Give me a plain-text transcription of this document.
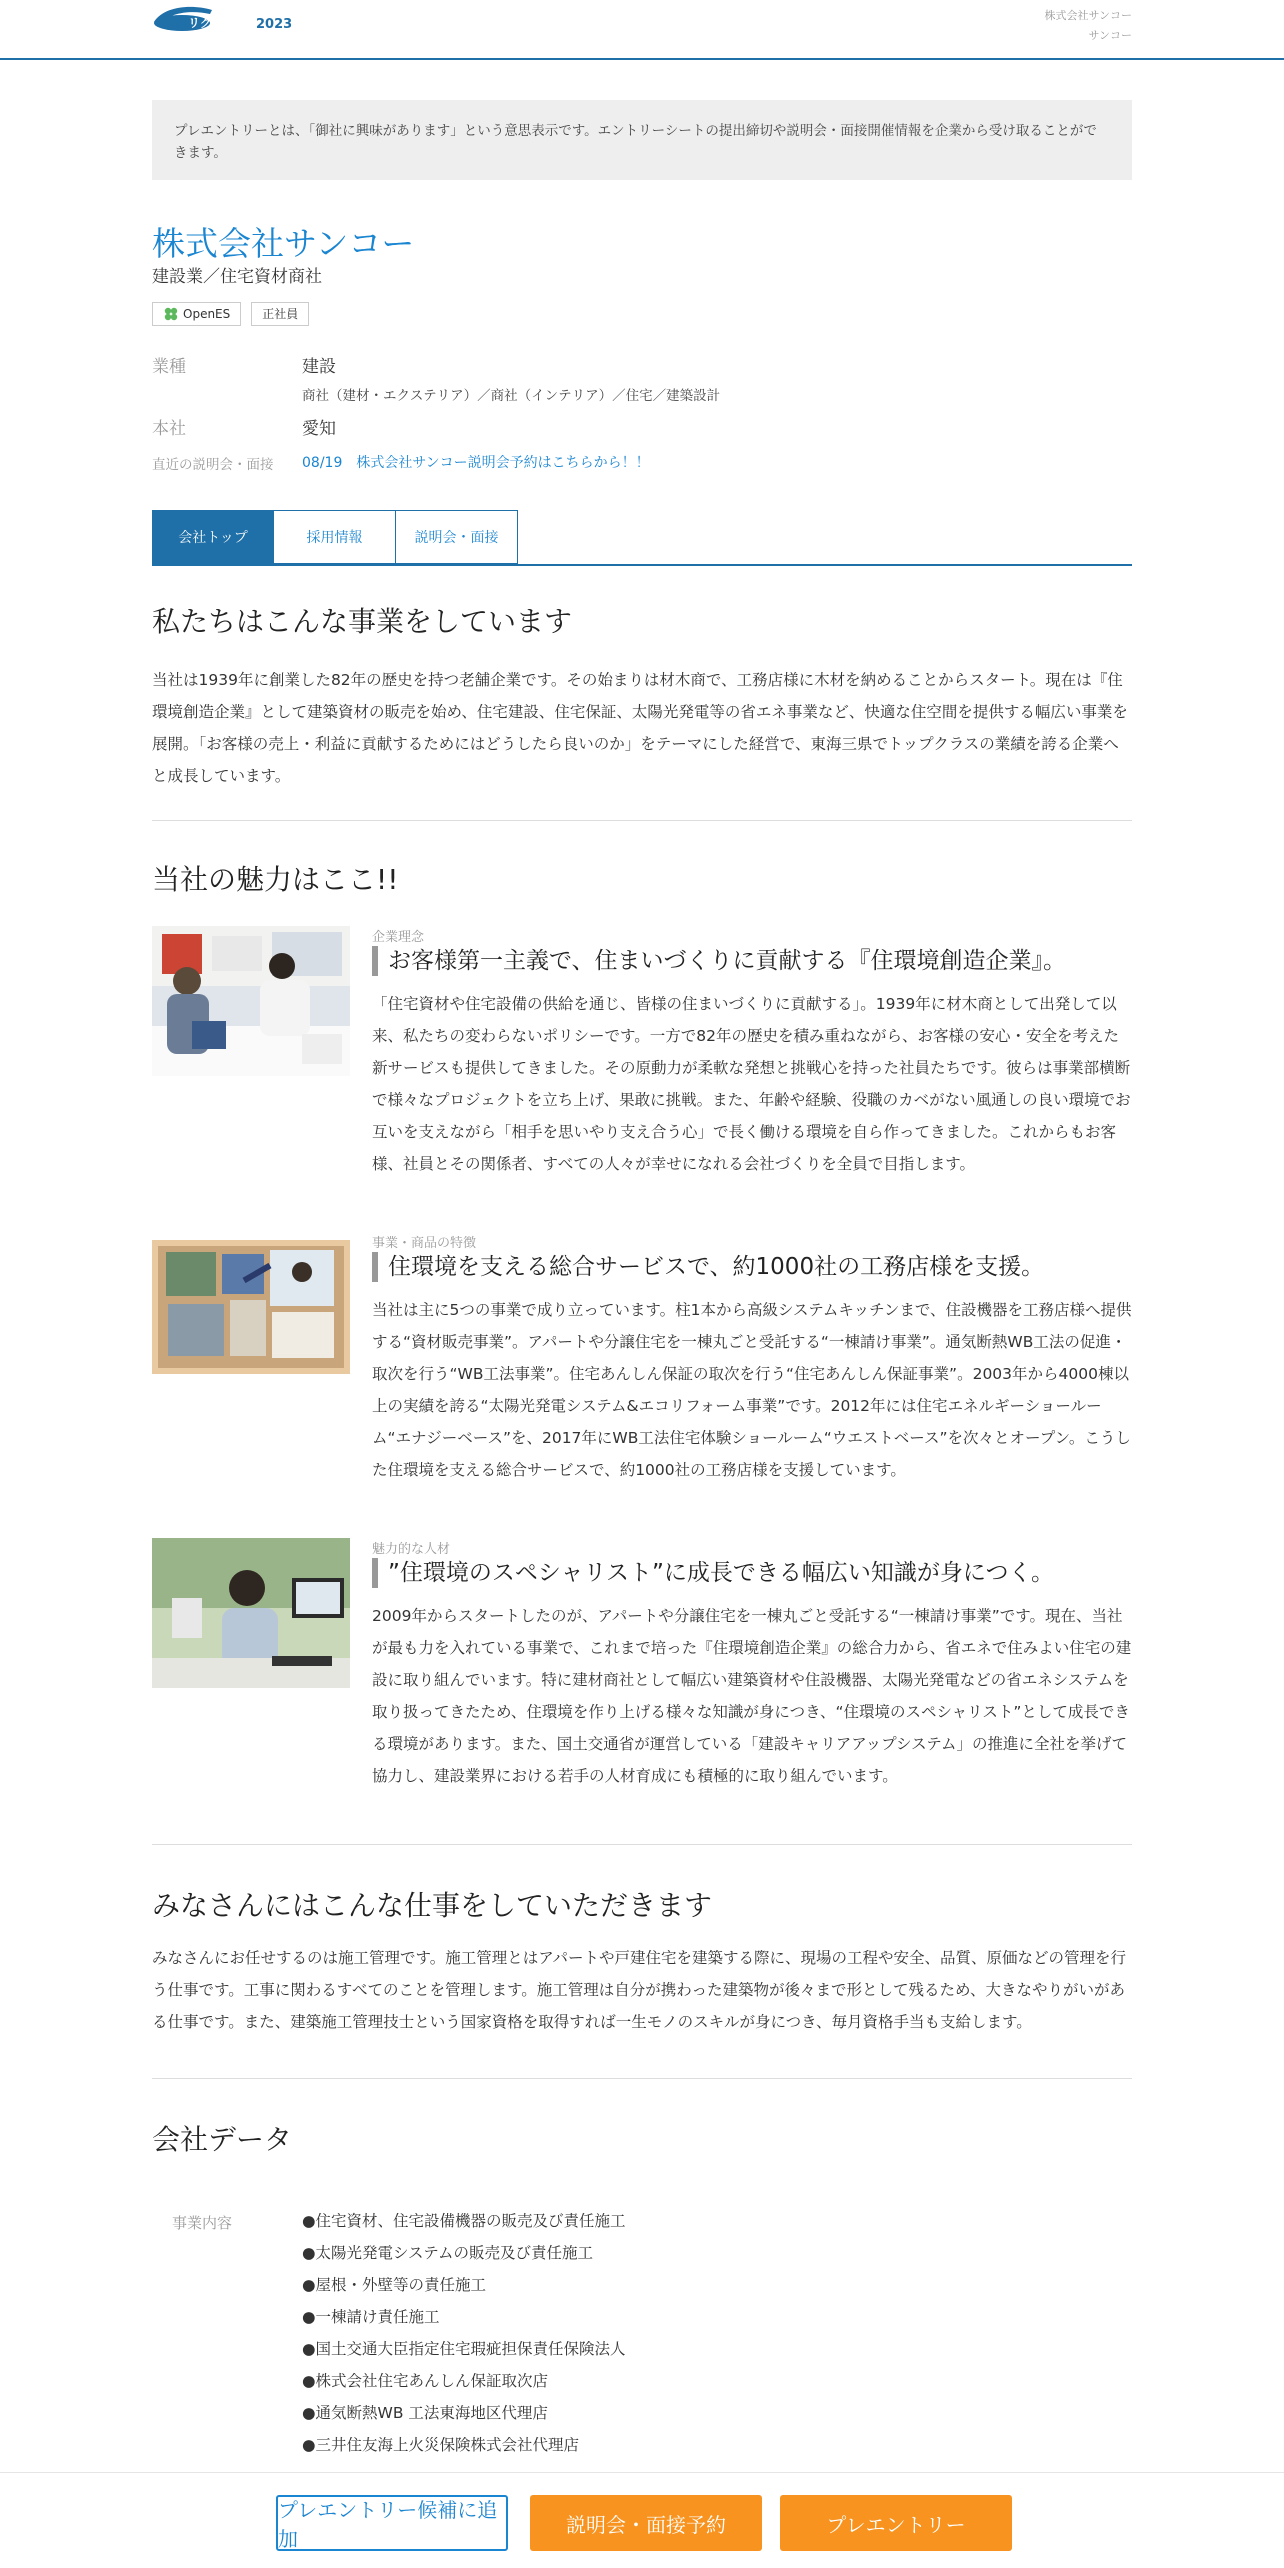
リクナビ 2023
株式会社サンコー
サンコー
プレエントリーとは、「御社に興味があります」という意思表示です。エントリーシートの提出締切や説明会・面接開催情報を企業から受け取ることができます。
株式会社サンコー
建設業／住宅資材商社
OpenES	正社員
業種	建設
商社（建材・エクステリア）／商社（インテリア）／住宅／建築設計
本社	愛知
直近の説明会・面接 08/19　株式会社サンコー説明会予約はこちらから！！
会社トップ	採用情報	説明会・面接
私たちはこんな事業をしています

当社は1939年に創業した82年の歴史を持つ老舗企業です。その始まりは材木商で、工務店様に木材を納めることからスタート。現在は『住環境創造企業』として建築資材の販売を始め、住宅建設、住宅保証、太陽光発電等の省エネ事業など、快適な住空間を提供する幅広い事業を展開。「お客様の売上・利益に貢献するためにはどうしたら良いのか」をテーマにした経営で、東海三県でトップクラスの業績を誇る企業へと成長しています。

当社の魅力はここ!!
企業理念
お客様第一主義で、住まいづくりに貢献する『住環境創造企業』。

「住宅資材や住宅設備の供給を通じ、皆様の住まいづくりに貢献する」。1939年に材木商として出発して以来、私たちの変わらないポリシーです。一方で82年の歴史を積み重ねながら、お客様の安心・安全を考えた新サービスも提供してきました。その原動力が柔軟な発想と挑戦心を持った社員たちです。彼らは事業部横断で様々なプロジェクトを立ち上げ、果敢に挑戦。また、年齢や経験、役職のカベがない風通しの良い環境でお互いを支えながら「相手を思いやり支え合う心」で長く働ける環境を自ら作ってきました。これからもお客様、社員とその関係者、すべての人々が幸せになれる会社づくりを全員で目指します。

事業・商品の特徴
住環境を支える総合サービスで、約1000社の工務店様を支援。

当社は主に5つの事業で成り立っています。柱1本から高級システムキッチンまで、住設機器を工務店様へ提供する“資材販売事業”。アパートや分譲住宅を一棟丸ごと受託する“一棟請け事業”。通気断熱WB工法の促進・取次を行う“WB工法事業”。住宅あんしん保証の取次を行う“住宅あんしん保証事業”。2003年から4000棟以上の実績を誇る“太陽光発電システム&エコリフォーム事業”です。2012年には住宅エネルギーショールーム“エナジーベース”を、2017年にWB工法住宅体験ショールーム“ウエストベース”を次々とオープン。こうした住環境を支える総合サービスで、約1000社の工務店様を支援しています。

魅力的な人材
”住環境のスペシャリスト”に成長できる幅広い知識が身につく。

2009年からスタートしたのが、アパートや分譲住宅を一棟丸ごと受託する“一棟請け事業”です。現在、当社が最も力を入れている事業で、これまで培った『住環境創造企業』の総合力から、省エネで住みよい住宅の建設に取り組んでいます。特に建材商社として幅広い建築資材や住設機器、太陽光発電などの省エネシステムを取り扱ってきたため、住環境を作り上げる様々な知識が身につき、“住環境のスペシャリスト”として成長できる環境があります。また、国土交通省が運営している「建設キャリアアップシステム」の推進に全社を挙げて協力し、建設業界における若手の人材育成にも積極的に取り組んでいます。

みなさんにはこんな仕事をしていただきます

みなさんにお任せするのは施工管理です。施工管理とはアパートや戸建住宅を建築する際に、現場の工程や安全、品質、原価などの管理を行う仕事です。工事に関わるすべてのことを管理します。施工管理は自分が携わった建築物が後々まで形として残るため、大きなやりがいがある仕事です。また、建築施工管理技士という国家資格を取得すれば一生モノのスキルが身につき、毎月資格手当も支給します。

会社データ
事業内容	●住宅資材、住宅設備機器の販売及び責任施工
●太陽光発電システムの販売及び責任施工
●屋根・外壁等の責任施工
●一棟請け責任施工
●国土交通大臣指定住宅瑕疵担保責任保険法人
●株式会社住宅あんしん保証取次店
●通気断熱WB 工法東海地区代理店
●三井住友海上火災保険株式会社代理店
プレエントリー候補に追加
説明会・面接予約	プレエントリー
